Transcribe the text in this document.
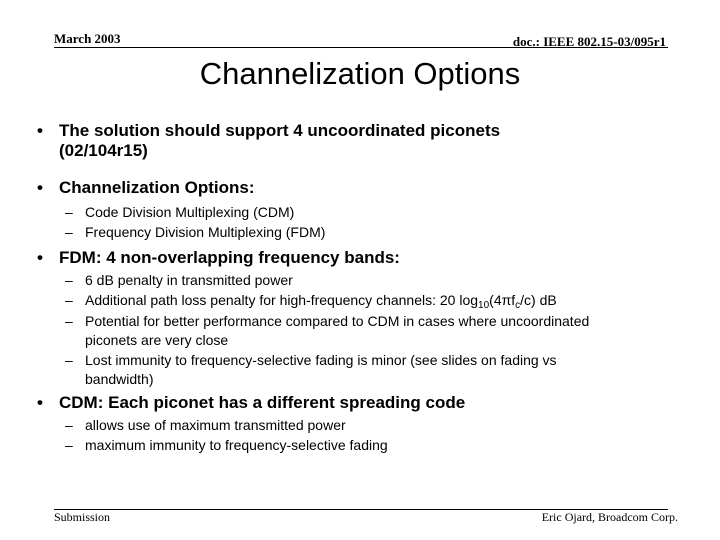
March 2003	doc.: IEEE 802.15-03/095r1
Channelization Options
• The solution should support 4 uncoordinated piconets
(02/104r15)
• Channelization Options:
– Code Division Multiplexing (CDM)
– Frequency Division Multiplexing (FDM)
• FDM: 4 non-overlapping frequency bands:
– 6 dB penalty in transmitted power
– Additional path loss penalty for high-frequency channels: 20 $\log_{10}(4\pi f_c/c)$ dB
– Potential for better performance compared to CDM in cases where uncoordinated
piconets are very close
– Lost immunity to frequency-selective fading is minor (see slides on fading vs
bandwidth)
• CDM: Each piconet has a different spreading code
– allows use of maximum transmitted power
– maximum immunity to frequency-selective fading
Submission	Eric Ojard, Broadcom Corp.
